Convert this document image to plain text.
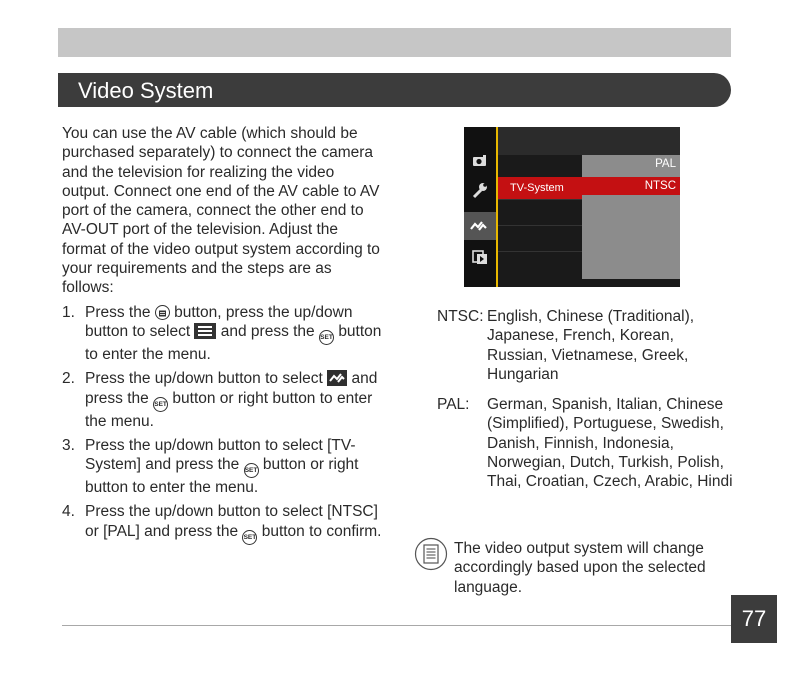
Video System

You can use the AV cable (which should be purchased separately) to connect the camera and the television for realizing the video output. Connect one end of the AV cable to AV port of the camera, connect the other end to AV-OUT port of the television. Adjust the format of the video output system according to your requirements and the steps are as follows:

1. Press the button, press the up/down button to select and press the SET button to enter the menu.
2. Press the up/down button to select and press the SET button or right button to enter the menu.
3. Press the up/down button to select [TV-System] and press the SET button or right button to enter the menu.
4. Press the up/down button to select [NTSC] or [PAL] and press the SET button to confirm.
TV-System
PAL
NTSC
NTSC: English, Chinese (Traditional), Japanese, French, Korean, Russian, Vietnamese, Greek, Hungarian
PAL: German, Spanish, Italian, Chinese (Simplified), Portuguese, Swedish, Danish, Finnish, Indonesia, Norwegian, Dutch, Turkish, Polish, Thai, Croatian, Czech, Arabic, Hindi
The video output system will change accordingly based upon the selected language.
77
